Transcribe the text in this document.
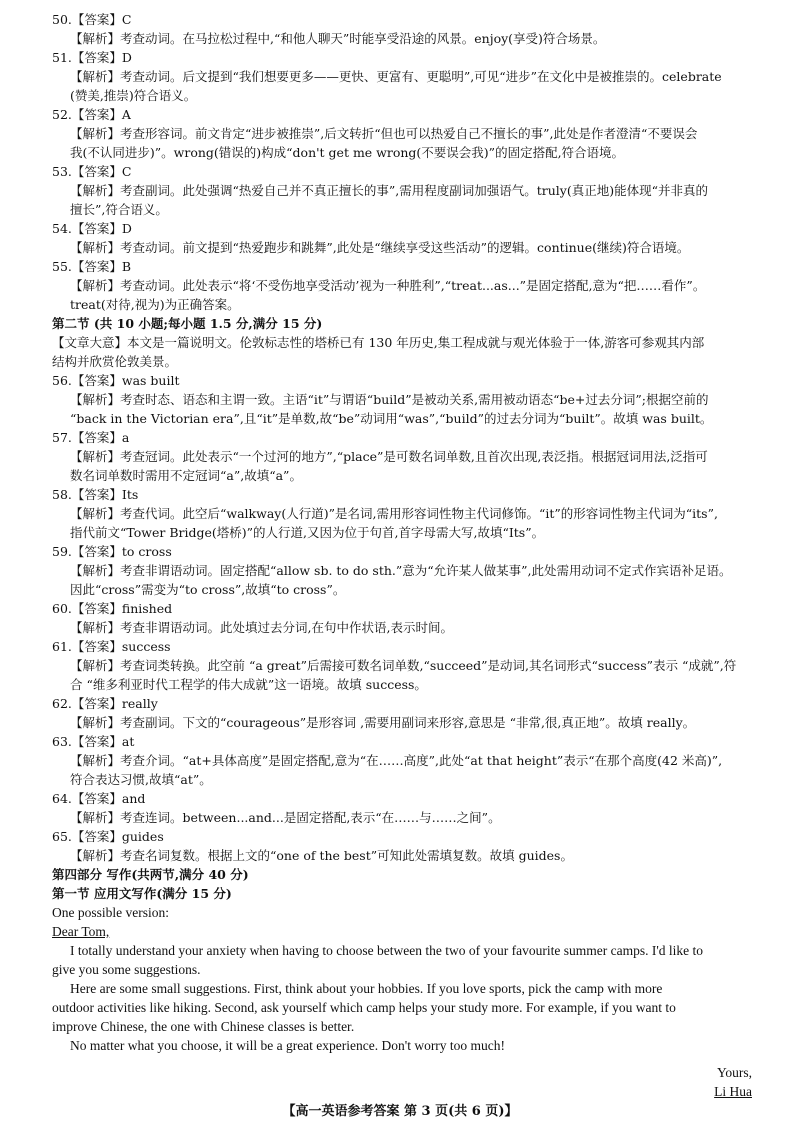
50.【答案】C
【解析】考查动词。在马拉松过程中,“和他人聊天”时能享受沿途的风景。enjoy(享受)符合场景。
51.【答案】D
【解析】考查动词。后文提到“我们想要更多——更快、更富有、更聪明”,可见“进步”在文化中是被推崇的。celebrate
(赞美,推崇)符合语义。
52.【答案】A
【解析】考查形容词。前文肯定“进步被推崇”,后文转折“但也可以热爱自己不擅长的事”,此处是作者澄清“不要误会
我(不认同进步)”。wrong(错误的)构成“don't get me wrong(不要误会我)”的固定搭配,符合语境。
53.【答案】C
【解析】考查副词。此处强调“热爱自己并不真正擅长的事”,需用程度副词加强语气。truly(真正地)能体现“并非真的
擅长”,符合语义。
54.【答案】D
【解析】考查动词。前文提到“热爱跑步和跳舞”,此处是“继续享受这些活动”的逻辑。continue(继续)符合语境。
55.【答案】B
【解析】考查动词。此处表示“将‘不受伤地享受活动’视为一种胜利”,“treat...as...”是固定搭配,意为“把……看作”。
treat(对待,视为)为正确答案。
第二节 (共 10 小题;每小题 1.5 分,满分 15 分)
【文章大意】本文是一篇说明文。伦敦标志性的塔桥已有 130 年历史,集工程成就与观光体验于一体,游客可参观其内部
结构并欣赏伦敦美景。
56.【答案】was built
【解析】考查时态、语态和主谓一致。主语“it”与谓语“build”是被动关系,需用被动语态“be+过去分词”;根据空前的
“back in the Victorian era”,且“it”是单数,故“be”动词用“was”,“build”的过去分词为“built”。故填 was built。
57.【答案】a
【解析】考查冠词。此处表示“一个过河的地方”,“place”是可数名词单数,且首次出现,表泛指。根据冠词用法,泛指可
数名词单数时需用不定冠词“a”,故填“a”。
58.【答案】Its
【解析】考查代词。此空后“walkway(人行道)”是名词,需用形容词性物主代词修饰。“it”的形容词性物主代词为“its”,
指代前文“Tower Bridge(塔桥)”的人行道,又因为位于句首,首字母需大写,故填“Its”。
59.【答案】to cross
【解析】考查非谓语动词。固定搭配“allow sb. to do sth.”意为“允许某人做某事”,此处需用动词不定式作宾语补足语。
因此“cross”需变为“to cross”,故填“to cross”。
60.【答案】finished
【解析】考查非谓语动词。此处填过去分词,在句中作状语,表示时间。
61.【答案】success
【解析】考查词类转换。此空前 “a great”后需接可数名词单数,“succeed”是动词,其名词形式“success”表示 “成就”,符
合 “维多利亚时代工程学的伟大成就”这一语境。故填 success。
62.【答案】really
【解析】考查副词。下文的“courageous”是形容词 ,需要用副词来形容,意思是 “非常,很,真正地”。故填 really。
63.【答案】at
【解析】考查介词。“at+具体高度”是固定搭配,意为“在……高度”,此处“at that height”表示“在那个高度(42 米高)”,
符合表达习惯,故填“at”。
64.【答案】and
【解析】考查连词。between...and...是固定搭配,表示“在……与……之间”。
65.【答案】guides
【解析】考查名词复数。根据上文的“one of the best”可知此处需填复数。故填 guides。
第四部分 写作(共两节,满分 40 分)
第一节 应用文写作(满分 15 分)
One possible version:
Dear Tom,
I totally understand your anxiety when having to choose between the two of your favourite summer camps. I'd like to
give you some suggestions.
Here are some small suggestions. First, think about your hobbies. If you love sports, pick the camp with more
outdoor activities like hiking. Second, ask yourself which camp helps your study more. For example, if you want to
improve Chinese, the one with Chinese classes is better.
No matter what you choose, it will be a great experience. Don't worry too much!
Yours,
Li Hua
【高一英语参考答案 第 3 页(共 6 页)】
